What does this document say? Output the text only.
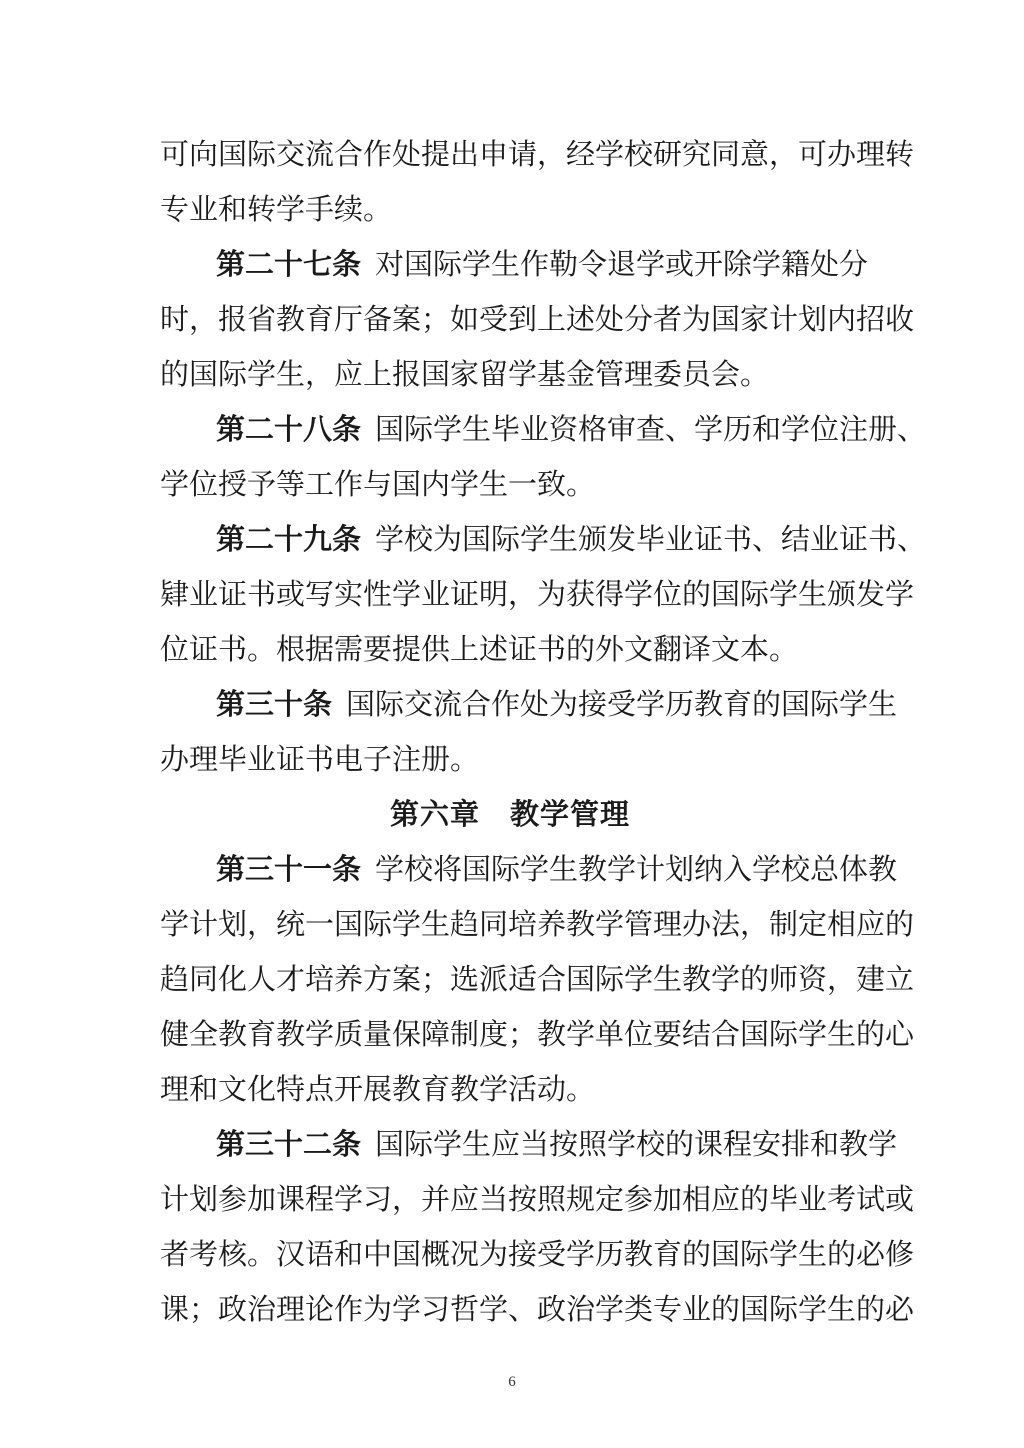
可向国际交流合作处提出申请，经学校研究同意，可办理转
专业和转学手续。
第二十七条 对国际学生作勒令退学或开除学籍处分
时，报省教育厅备案；如受到上述处分者为国家计划内招收
的国际学生，应上报国家留学基金管理委员会。
第二十八条 国际学生毕业资格审查、学历和学位注册、
学位授予等工作与国内学生一致。
第二十九条 学校为国际学生颁发毕业证书、结业证书、
肄业证书或写实性学业证明，为获得学位的国际学生颁发学
位证书。根据需要提供上述证书的外文翻译文本。
第三十条 国际交流合作处为接受学历教育的国际学生
办理毕业证书电子注册。
第六章 教学管理
第三十一条 学校将国际学生教学计划纳入学校总体教
学计划，统一国际学生趋同培养教学管理办法，制定相应的
趋同化人才培养方案；选派适合国际学生教学的师资，建立
健全教育教学质量保障制度；教学单位要结合国际学生的心
理和文化特点开展教育教学活动。
第三十二条 国际学生应当按照学校的课程安排和教学
计划参加课程学习，并应当按照规定参加相应的毕业考试或
者考核。汉语和中国概况为接受学历教育的国际学生的必修
课；政治理论作为学习哲学、政治学类专业的国际学生的必
6
